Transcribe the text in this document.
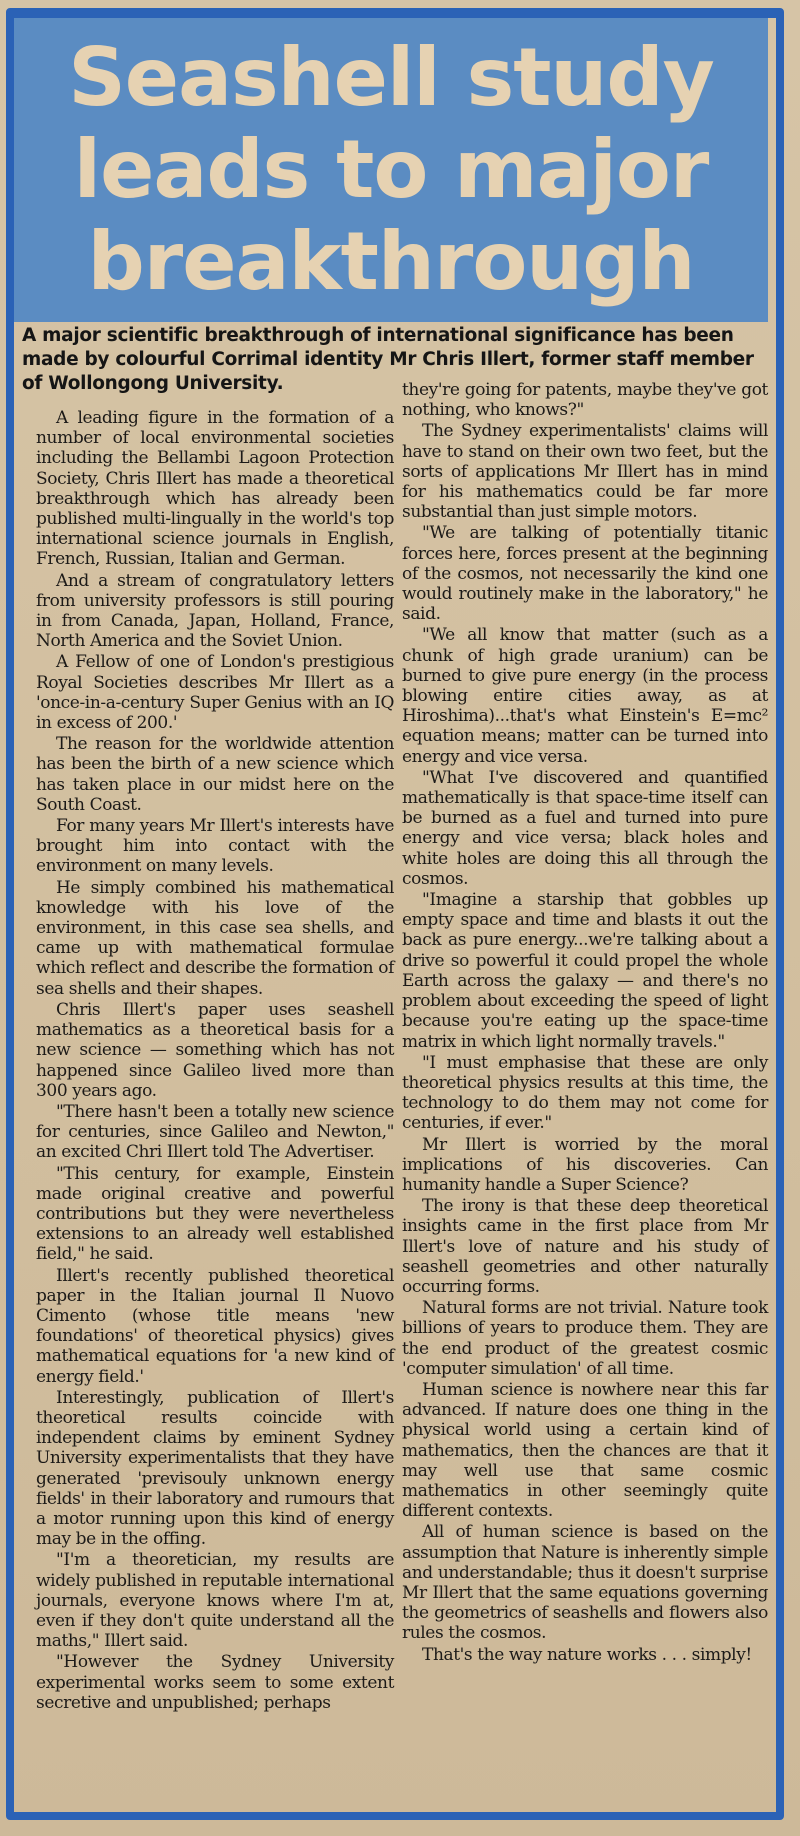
Seashell study
leads to major
breakthrough
A major scientific breakthrough of international significance has been made by colourful Corrimal identity Mr Chris Illert, former staff member of Wollongong University.

A leading figure in the formation of a number of local environmental societies including the Bellambi Lagoon Protection Society, Chris Illert has made a theoretical breakthrough which has already been published multi-lingually in the world's top international science journals in English, French, Russian, Italian and German.

And a stream of congratulatory letters from university professors is still pouring in from Canada, Japan, Holland, France, North America and the Soviet Union.

A Fellow of one of London's prestigious Royal Societies describes Mr Illert as a 'once-in-a-century Super Genius with an IQ in excess of 200.'

The reason for the worldwide attention has been the birth of a new science which has taken place in our midst here on the South Coast.

For many years Mr Illert's interests have brought him into contact with the environment on many levels.

He simply combined his mathematical knowledge with his love of the environment, in this case sea shells, and came up with mathematical formulae which reflect and describe the formation of sea shells and their shapes.

Chris Illert's paper uses seashell mathematics as a theoretical basis for a new science — something which has not happened since Galileo lived more than 300 years ago.

"There hasn't been a totally new science for centuries, since Galileo and Newton," an excited Chri Illert told The Advertiser.

"This century, for example, Einstein made original creative and powerful contributions but they were nevertheless extensions to an already well established field," he said.

Illert's recently published theoretical paper in the Italian journal Il Nuovo Cimento (whose title means 'new foundations' of theoretical physics) gives mathematical equations for 'a new kind of energy field.'

Interestingly, publication of Illert's theoretical results coincide with independent claims by eminent Sydney University experimentalists that they have generated 'previsouly unknown energy fields' in their laboratory and rumours that a motor running upon this kind of energy may be in the offing.

"I'm a theoretician, my results are widely published in reputable international journals, everyone knows where I'm at, even if they don't quite understand all the maths," Illert said.

"However the Sydney University experimental works seem to some extent secretive and unpublished; perhaps

they're going for patents, maybe they've got nothing, who knows?"

The Sydney experimentalists' claims will have to stand on their own two feet, but the sorts of applications Mr Illert has in mind for his mathematics could be far more substantial than just simple motors.

"We are talking of potentially titanic forces here, forces present at the beginning of the cosmos, not necessarily the kind one would routinely make in the laboratory," he said.

"We all know that matter (such as a chunk of high grade uranium) can be burned to give pure energy (in the process blowing entire cities away, as at Hiroshima)...that's what Einstein's E=mc² equation means; matter can be turned into energy and vice versa.

"What I've discovered and quantified mathematically is that space-time itself can be burned as a fuel and turned into pure energy and vice versa; black holes and white holes are doing this all through the cosmos.

"Imagine a starship that gobbles up empty space and time and blasts it out the back as pure energy...we're talking about a drive so powerful it could propel the whole Earth across the galaxy — and there's no problem about exceeding the speed of light because you're eating up the space-time matrix in which light normally travels."

"I must emphasise that these are only theoretical physics results at this time, the technology to do them may not come for centuries, if ever."

Mr Illert is worried by the moral implications of his discoveries. Can humanity handle a Super Science?

The irony is that these deep theoretical insights came in the first place from Mr Illert's love of nature and his study of seashell geometries and other naturally occurring forms.

Natural forms are not trivial. Nature took billions of years to produce them. They are the end product of the greatest cosmic 'computer simulation' of all time.

Human science is nowhere near this far advanced. If nature does one thing in the physical world using a certain kind of mathematics, then the chances are that it may well use that same cosmic mathematics in other seemingly quite different contexts.

All of human science is based on the assumption that Nature is inherently simple and understandable; thus it doesn't surprise Mr Illert that the same equations governing the geometrics of seashells and flowers also rules the cosmos.

That's the way nature works . . . simply!
